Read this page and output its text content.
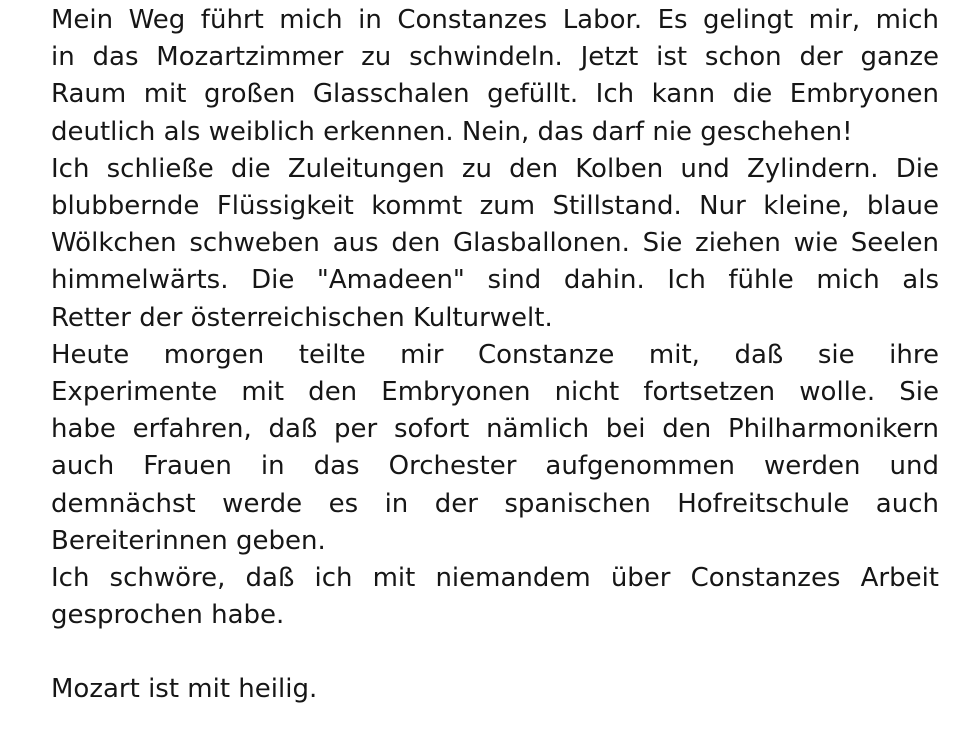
Mein Weg führt mich in Constanzes Labor. Es gelingt mir, mich
in das Mozartzimmer zu schwindeln. Jetzt ist schon der ganze
Raum mit großen Glasschalen gefüllt. Ich kann die Embryonen
deutlich als weiblich erkennen. Nein, das darf nie geschehen!
Ich schließe die Zuleitungen zu den Kolben und Zylindern. Die
blubbernde Flüssigkeit kommt zum Stillstand. Nur kleine, blaue
Wölkchen schweben aus den Glasballonen. Sie ziehen wie Seelen
himmelwärts. Die "Amadeen" sind dahin. Ich fühle mich als
Retter der österreichischen Kulturwelt.
Heute morgen teilte mir Constanze mit, daß sie ihre
Experimente mit den Embryonen nicht fortsetzen wolle. Sie
habe erfahren, daß per sofort nämlich bei den Philharmonikern
auch Frauen in das Orchester aufgenommen werden und
demnächst werde es in der spanischen Hofreitschule auch
Bereiterinnen geben.
Ich schwöre, daß ich mit niemandem über Constanzes Arbeit
gesprochen habe.
Mozart ist mit heilig.
